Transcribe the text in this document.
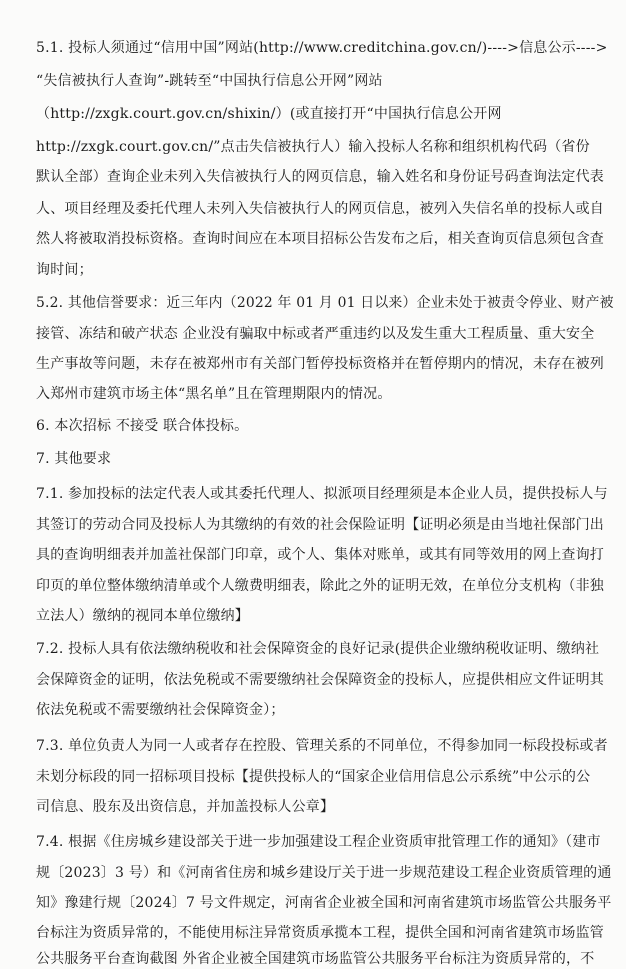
5.1. 投标人须通过“信用中国”网站(http://www.creditchina.gov.cn/)---->信息公示---->
“失信被执行人查询”-跳转至“中国执行信息公开网”网站
（http://zxgk.court.gov.cn/shixin/）(或直接打开“中国执行信息公开网
http://zxgk.court.gov.cn/”点击失信被执行人）输入投标人名称和组织机构代码（省份
默认全部）查询企业未列入失信被执行人的网页信息，输入姓名和身份证号码查询法定代表
人、项目经理及委托代理人未列入失信被执行人的网页信息，被列入失信名单的投标人或自
然人将被取消投标资格。查询时间应在本项目招标公告发布之后，相关查询页信息须包含查
询时间；
5.2. 其他信誉要求：近三年内（2022 年 01 月 01 日以来）企业未处于被责令停业、财产被
接管、冻结和破产状态 企业没有骗取中标或者严重违约以及发生重大工程质量、重大安全
生产事故等问题，未存在被郑州市有关部门暂停投标资格并在暂停期内的情况，未存在被列
入郑州市建筑市场主体“黑名单”且在管理期限内的情况。
6. 本次招标 不接受 联合体投标。
7. 其他要求
7.1. 参加投标的法定代表人或其委托代理人、拟派项目经理须是本企业人员，提供投标人与
其签订的劳动合同及投标人为其缴纳的有效的社会保险证明【证明必须是由当地社保部门出
具的查询明细表并加盖社保部门印章，或个人、集体对账单，或其有同等效用的网上查询打
印页的单位整体缴纳清单或个人缴费明细表，除此之外的证明无效，在单位分支机构（非独
立法人）缴纳的视同本单位缴纳】
7.2. 投标人具有依法缴纳税收和社会保障资金的良好记录(提供企业缴纳税收证明、缴纳社
会保障资金的证明，依法免税或不需要缴纳社会保障资金的投标人，应提供相应文件证明其
依法免税或不需要缴纳社会保障资金）；
7.3. 单位负责人为同一人或者存在控股、管理关系的不同单位，不得参加同一标段投标或者
未划分标段的同一招标项目投标【提供投标人的“国家企业信用信息公示系统”中公示的公
司信息、股东及出资信息，并加盖投标人公章】
7.4. 根据《住房城乡建设部关于进一步加强建设工程企业资质审批管理工作的通知》（建市
规〔2023〕3 号）和《河南省住房和城乡建设厅关于进一步规范建设工程企业资质管理的通
知》豫建行规〔2024〕7 号文件规定，河南省企业被全国和河南省建筑市场监管公共服务平
台标注为资质异常的，不能使用标注异常资质承揽本工程，提供全国和河南省建筑市场监管
公共服务平台查询截图 外省企业被全国建筑市场监管公共服务平台标注为资质异常的，不
